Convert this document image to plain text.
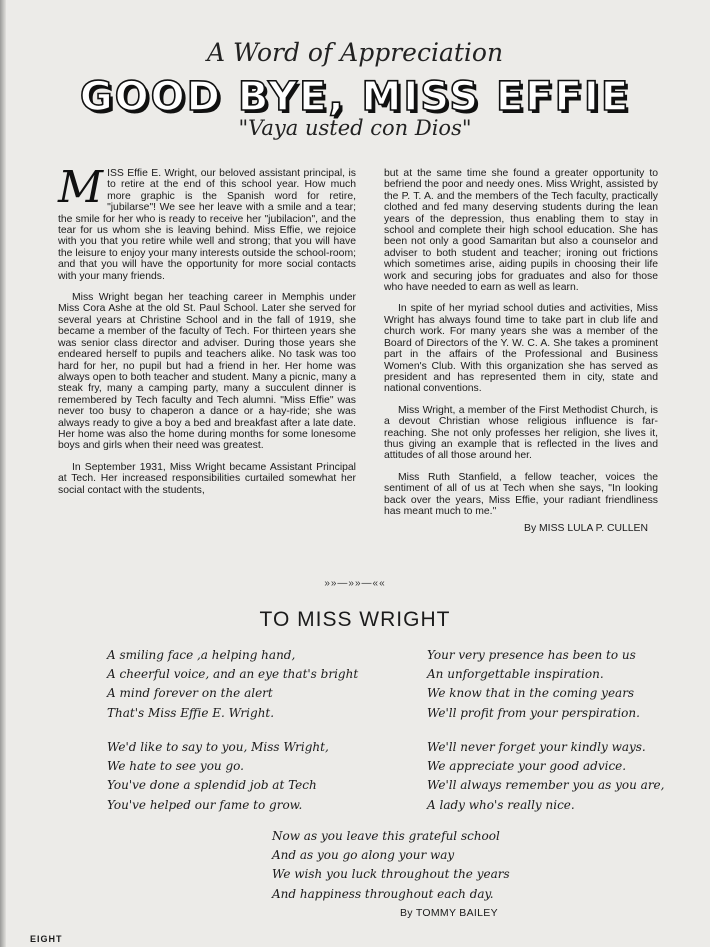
A Word of Appreciation
GOOD BYE, MISS EFFIE
"Vaya usted con Dios"

MISS Effie E. Wright, our beloved assistant principal, is to retire at the end of this school year. How much more graphic is the Spanish word for retire, "jubilarse"! We see her leave with a smile and a tear; the smile for her who is ready to receive her "jubilacion", and the tear for us whom she is leaving behind. Miss Effie, we rejoice with you that you retire while well and strong; that you will have the leisure to enjoy your many interests outside the school-room; and that you will have the opportunity for more social contacts with your many friends.

Miss Wright began her teaching career in Memphis under Miss Cora Ashe at the old St. Paul School. Later she served for several years at Christine School and in the fall of 1919, she became a member of the faculty of Tech. For thirteen years she was senior class director and adviser. During those years she endeared herself to pupils and teachers alike. No task was too hard for her, no pupil but had a friend in her. Her home was always open to both teacher and student. Many a picnic, many a steak fry, many a camping party, many a succulent dinner is remembered by Tech faculty and Tech alumni. "Miss Effie" was never too busy to chaperon a dance or a hay-ride; she was always ready to give a boy a bed and breakfast after a late date. Her home was also the home during months for some lonesome boys and girls when their need was greatest.

In September 1931, Miss Wright became Assistant Principal at Tech. Her increased responsibilities curtailed somewhat her social contact with the students,

but at the same time she found a greater opportunity to befriend the poor and needy ones. Miss Wright, assisted by the P. T. A. and the members of the Tech faculty, practically clothed and fed many deserving students during the lean years of the depression, thus enabling them to stay in school and complete their high school education. She has been not only a good Samaritan but also a counselor and adviser to both student and teacher; ironing out frictions which sometimes arise, aiding pupils in choosing their life work and securing jobs for graduates and also for those who have needed to earn as well as learn.

In spite of her myriad school duties and activities, Miss Wright has always found time to take part in club life and church work. For many years she was a member of the Board of Directors of the Y. W. C. A. She takes a prominent part in the affairs of the Professional and Business Women's Club. With this organization she has served as president and has represented them in city, state and national conventions.

Miss Wright, a member of the First Methodist Church, is a devout Christian whose religious influence is far-reaching. She not only professes her religion, she lives it, thus giving an example that is reflected in the lives and attitudes of all those around her.

Miss Ruth Stanfield, a fellow teacher, voices the sentiment of all of us at Tech when she says, "In looking back over the years, Miss Effie, your radiant friendliness has meant much to me."

By MISS LULA P. CULLEN
»»—»»—««
TO MISS WRIGHT
A smiling face ,a helping hand,
A cheerful voice, and an eye that's bright
A mind forever on the alert
That's Miss Effie E. Wright.
Your very presence has been to us
An unforgettable inspiration.
We know that in the coming years
We'll profit from your perspiration.
We'd like to say to you, Miss Wright,
We hate to see you go.
You've done a splendid job at Tech
You've helped our fame to grow.
We'll never forget your kindly ways.
We appreciate your good advice.
We'll always remember you as you are,
A lady who's really nice.
Now as you leave this grateful school
And as you go along your way
We wish you luck throughout the years
And happiness throughout each day.
By TOMMY BAILEY
EIGHT
